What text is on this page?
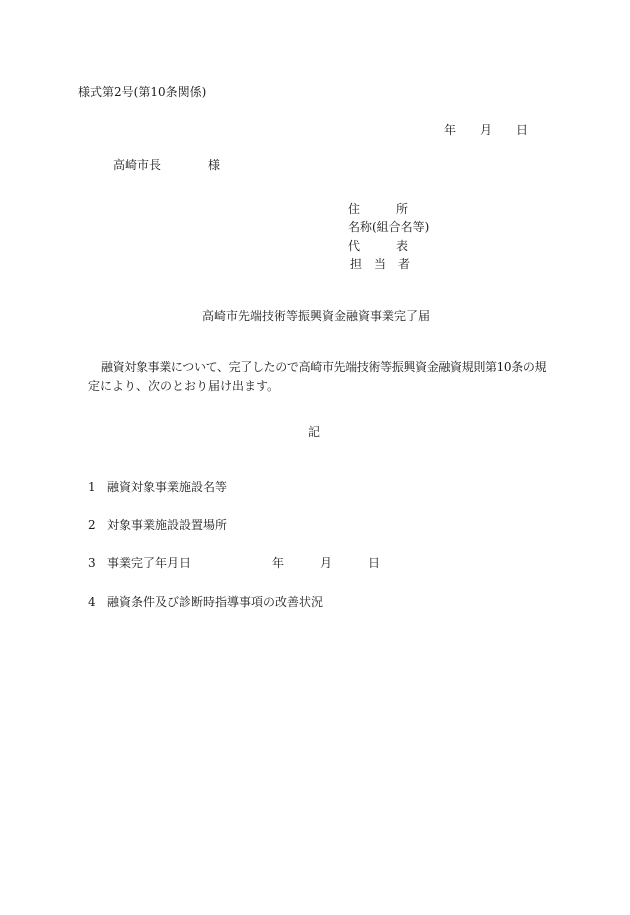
様式第2号(第10条関係)
年 月 日
高崎市長	様
住　　　所
名称(組合名等)
代　　　表
担　当　者
高崎市先端技術等振興資金融資事業完了届
融資対象事業について、完了したので高崎市先端技術等振興資金融資規則第10条の規
定により、次のとおり届け出ます。
記
1 融資対象事業施設名等
2 対象事業施設設置場所
3 事業完了年月日	年	月	日
4 融資条件及び診断時指導事項の改善状況
